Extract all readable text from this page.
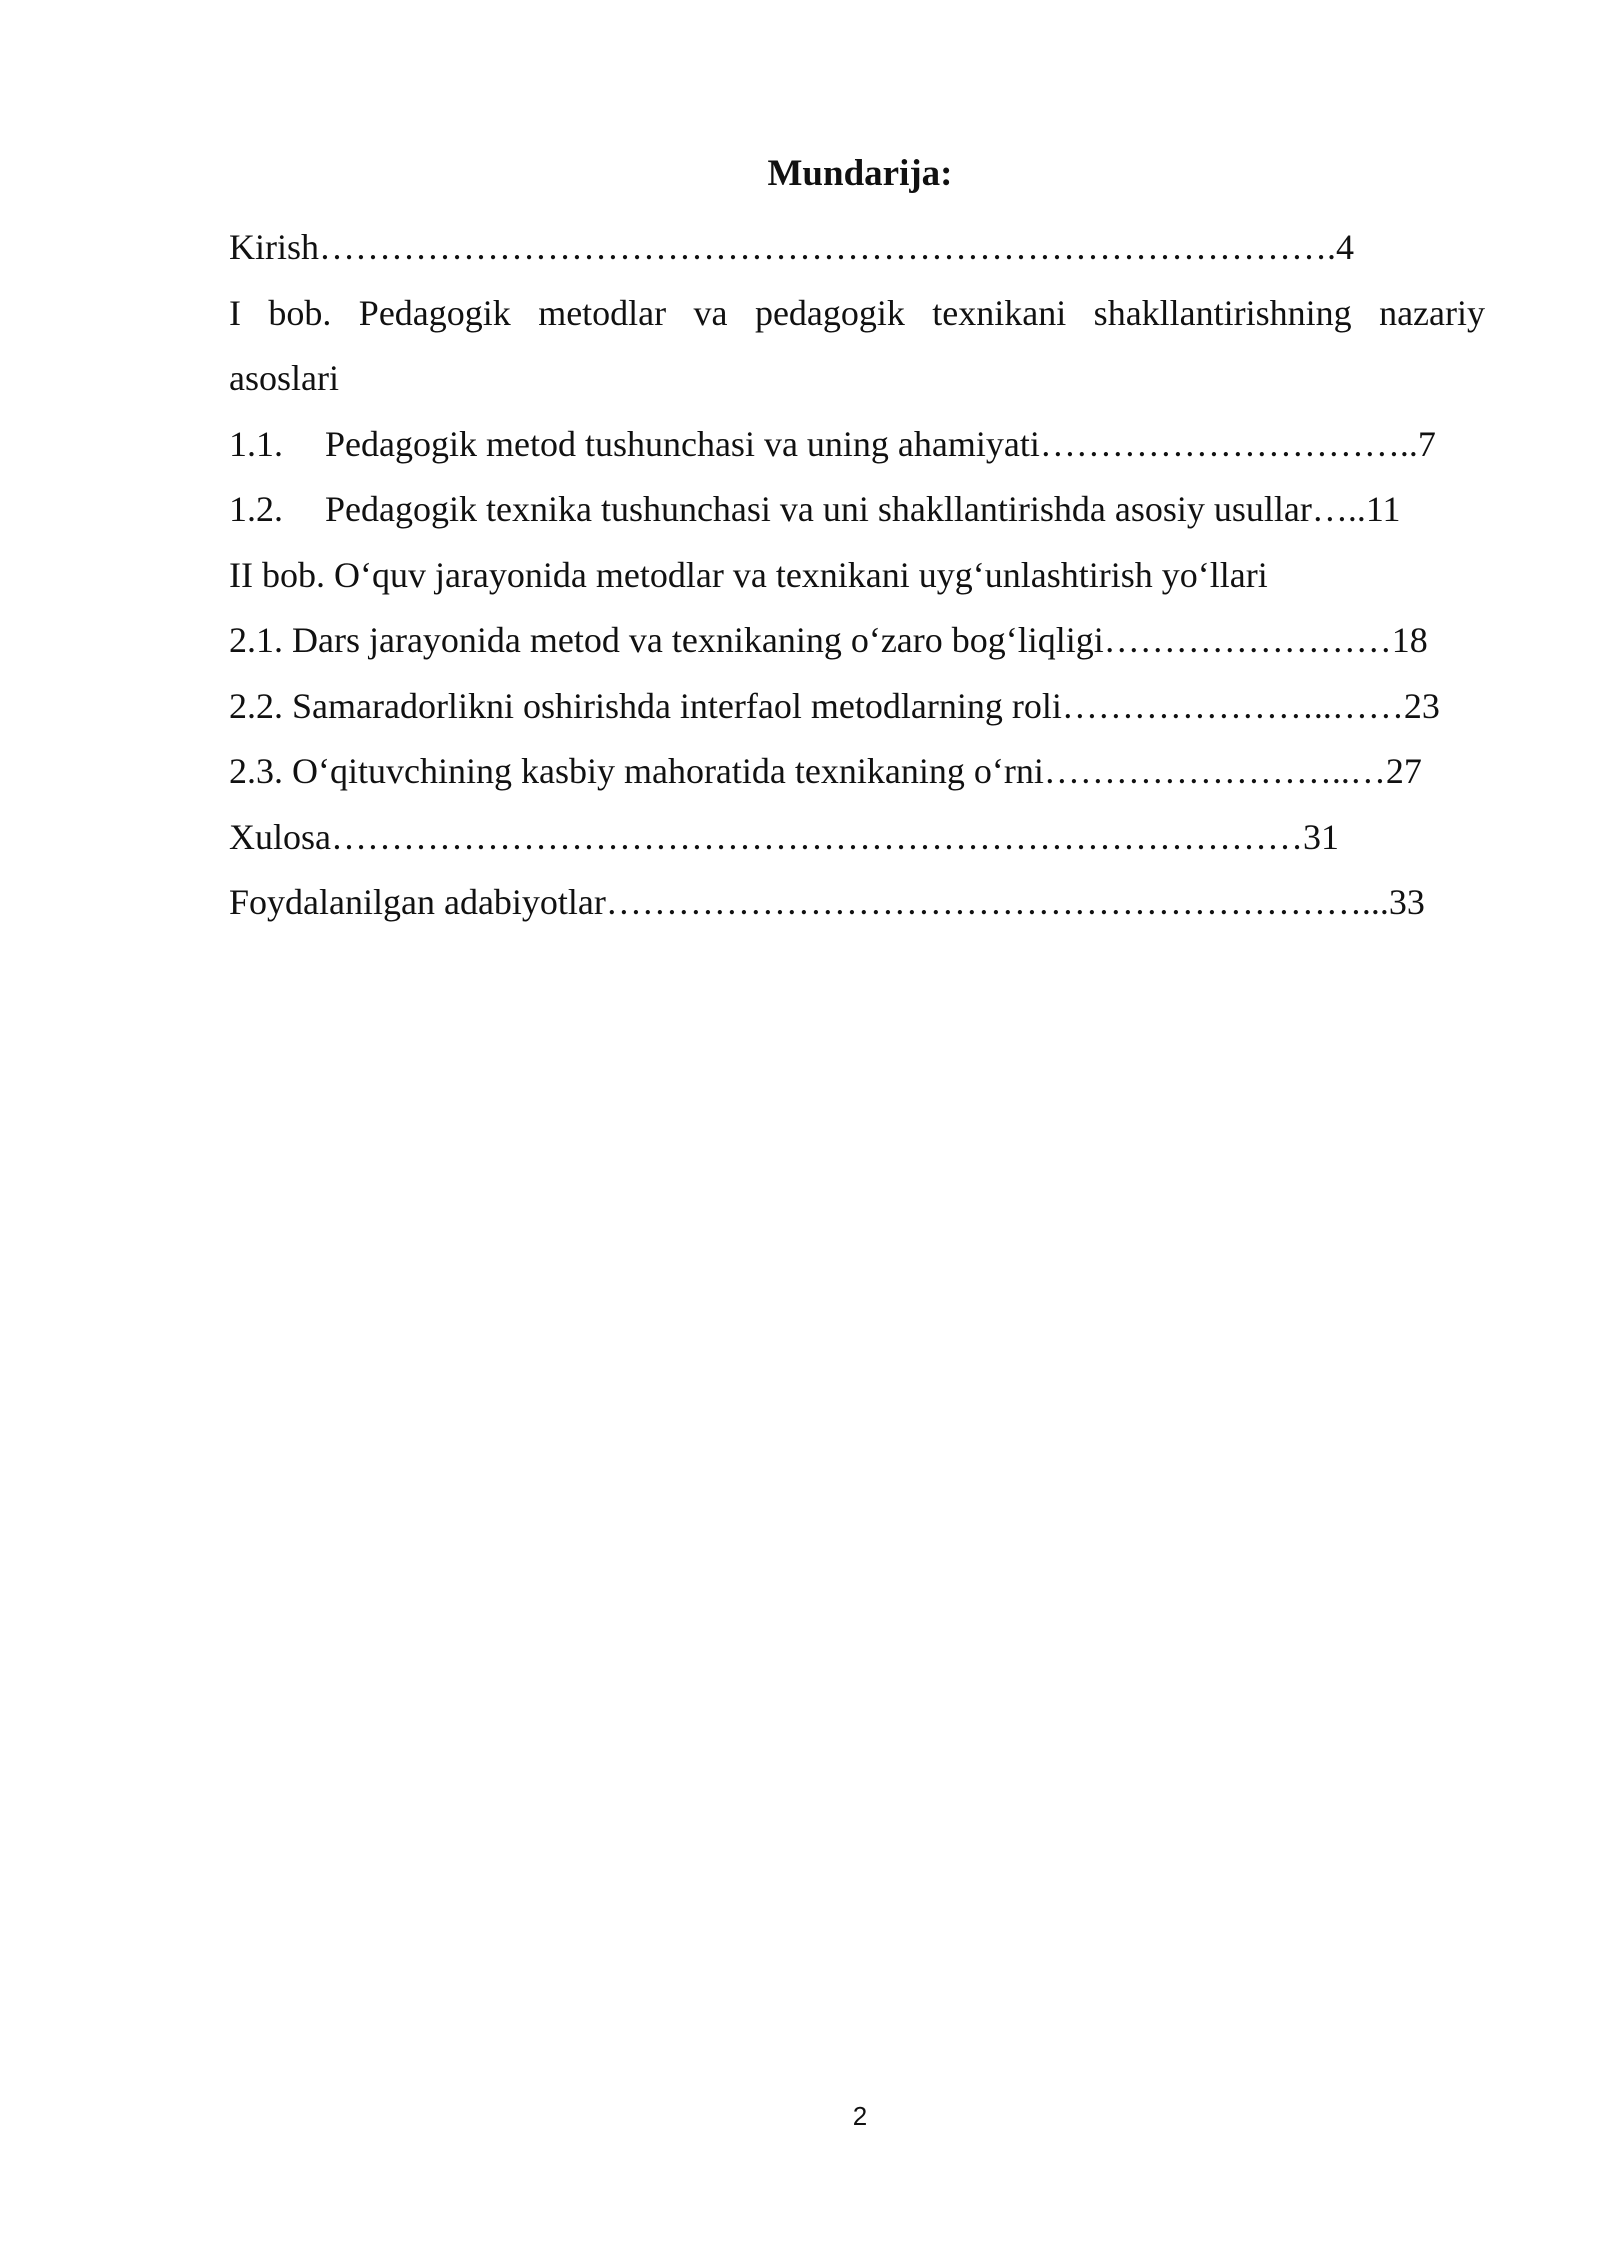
Mundarija:
Kirish………………………………………………………………………….4
I bob. Pedagogik metodlar va pedagogik texnikani shakllantirishning nazariy
asoslari
1.1. Pedagogik metod tushunchasi va uning ahamiyati…………………………..7
1.2. Pedagogik texnika tushunchasi va uni shakllantirishda asosiy usullar…..11
II bob. O‘quv jarayonida metodlar va texnikani uyg‘unlashtirish yo‘llari
2.1. Dars jarayonida metod va texnikaning o‘zaro bog‘liqligi……………………18
2.2. Samaradorlikni oshirishda interfaol metodlarning roli…………………..……23
2.3. O‘qituvchining kasbiy mahoratida texnikaning o‘rni……………………..…27
Xulosa………………………………………………………………………31
Foydalanilgan adabiyotlar………………………………………………………...33
2
